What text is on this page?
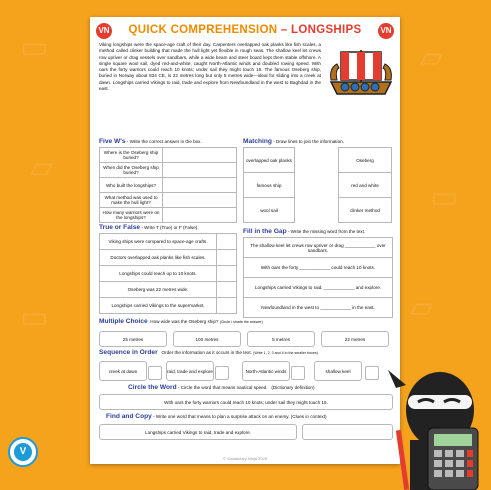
▭
▱
▭
▱
▭
▱
VN	VN
QUICK COMPREHENSION – LONGSHIPS
Viking longships were the space-age craft of their day. Carpenters overlapped oak planks like fish scales, a method called clinker building that made the hull light yet flexible in rough seas. The shallow keel let crews row upriver or drag vessels over sandbars, while a wide beam and steer board kept them stable offshore. A single square wool sail, dyed red-and-white, caught North-Atlantic winds and doubled rowing speed. With oars the forty warriors could reach 10 knots; under sail they might touch 15. The famous Oseberg ship, buried in Norway about 834 CE, is 22 metres long but only 5 metres wide—ideal for sliding into a creek at dawn. Longships carried Vikings to raid, trade and explore from Newfoundland in the west to Baghdad in the east.
Five W's - Write the correct answer in the box.
Where is the Oseberg ship buried?	
When did the Oseberg ship buried?	
Who built the longships?	
What method was used to make the hull light?	
How many warriors were on the longships?	
Matching - Draw lines to join the information.
overlapped oak planks
famous ship
wool sail
Oseberg
red and white
clinker method
True or False - Write T (True) or F (False).
Viking ships were compared to space-age crafts.	
Doctors overlapped oak planks like fish scales.	
Longships could reach up to 10 knots.	
Oseberg was 22 metres wide.	
Longships carried Vikings to the supermarket.	
Fill in the Gap - Write the missing word from the text.
The shallow keel let crews row upriver or drag ____________ over sandbars.
With oars the forty ____________ could reach 10 knots.
Longships carried Vikings to raid, ____________ and explore.
Newfoundland in the west to ____________ in the east.
Multiple Choice How wide was the Oseberg ship? (Circle / shade the answer)
25 metres	100 metres	5 metres	22 metres
Sequence in Order Order the information as it occurs in the text. (Write 1, 2, 3 and 4 in the smaller boxes)
creek at dawn	raid, trade and explore	North-Atlantic winds	shallow keel
Circle the Word - Circle the word that means nautical speed. (Dictionary definition)
With oars the forty warriors could reach 10 knots; under sail they might touch 15.
Find and Copy - Write one word that means to plan a surprise attack on an enemy. (Clues in context)
Longships carried Vikings to raid, trade and explore.
© Vocabulary Ninja 2025
V
